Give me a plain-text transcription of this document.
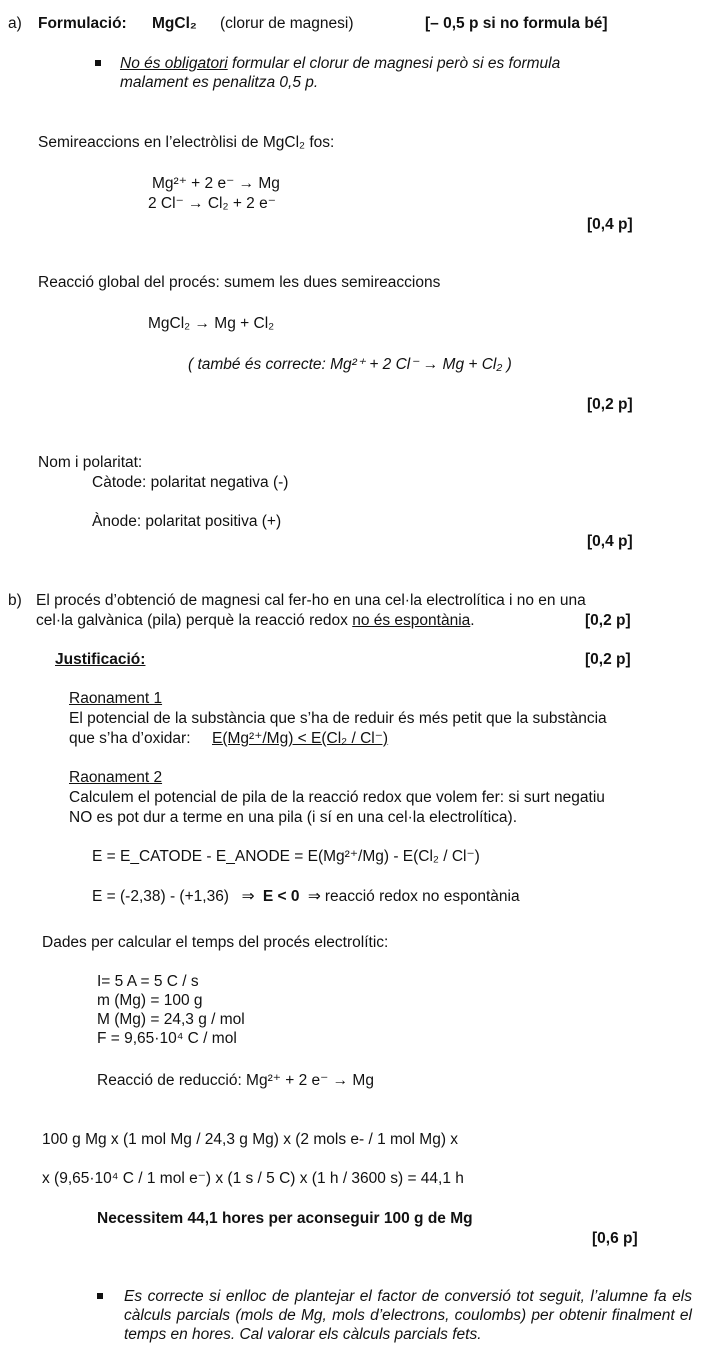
a) Formulació: MgCl₂ (clorur de magnesi)	[– 0,5 p si no formula bé]
No és obligatori formular el clorur de magnesi però si es formula
malament es penalitza 0,5 p.
Semireaccions en l’electròlisi de MgCl₂ fos:
Mg²⁺ + 2 e⁻ → Mg
2 Cl⁻ → Cl₂ + 2 e⁻
[0,4 p]
Reacció global del procés: sumem les dues semireaccions
MgCl₂ → Mg + Cl₂
( també és correcte: Mg²⁺ + 2 Cl⁻ → Mg + Cl₂ )
[0,2 p]
Nom i polaritat:
Càtode: polaritat negativa (-)
Ànode: polaritat positiva (+)
[0,4 p]
b) El procés d’obtenció de magnesi cal fer-ho en una cel·la electrolítica i no en una
cel·la galvànica (pila) perquè la reacció redox no és espontània.	[0,2 p]
Justificació:	[0,2 p]
Raonament 1
El potencial de la substància que s’ha de reduir és més petit que la substància
que s’ha d’oxidar: E(Mg²⁺/Mg) < E(Cl₂ / Cl⁻)
Raonament 2
Calculem el potencial de pila de la reacció redox que volem fer: si surt negatiu
NO es pot dur a terme en una pila (i sí en una cel·la electrolítica).
E = E_CATODE - E_ANODE = E(Mg²⁺/Mg) - E(Cl₂ / Cl⁻)
E = (-2,38) - (+1,36)  ⇒ E < 0 ⇒ reacció redox no espontània
Dades per calcular el temps del procés electrolític:
I= 5 A = 5 C / s
m (Mg) = 100 g
M (Mg) = 24,3 g / mol
F = 9,65·10⁴ C / mol
Reacció de reducció: Mg²⁺ + 2 e⁻ → Mg
100 g Mg x (1 mol Mg / 24,3 g Mg) x (2 mols e- / 1 mol Mg) x
x (9,65·10⁴ C / 1 mol e⁻) x (1 s / 5 C) x (1 h / 3600 s) = 44,1 h
Necessitem 44,1 hores per aconseguir 100 g de Mg
[0,6 p]
Es correcte si enlloc de plantejar el factor de conversió tot seguit, l’alumne fa els càlculs parcials (mols de Mg, mols d’electrons, coulombs) per obtenir finalment el temps en hores. Cal valorar els càlculs parcials fets.
